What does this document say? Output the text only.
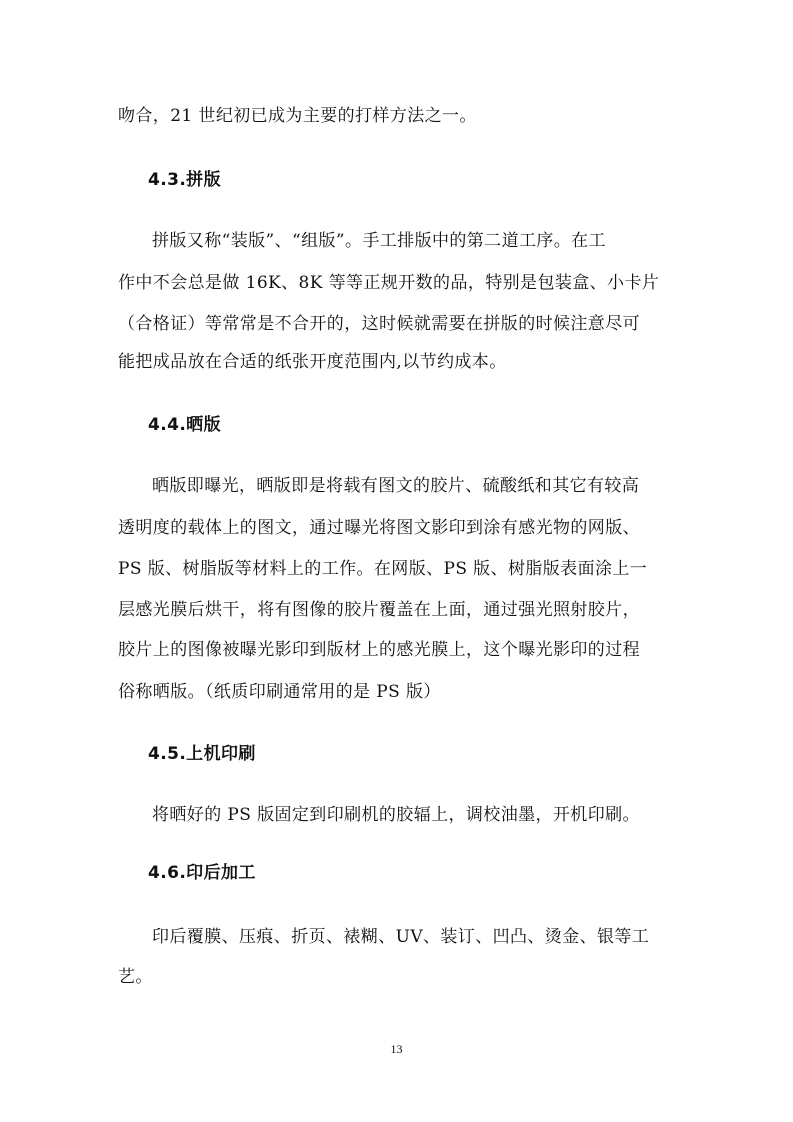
吻合，21 世纪初已成为主要的打样方法之一。
4.3.拼版
拼版又称“装版”、“组版”。手工排版中的第二道工序。在工
作中不会总是做 16K、8K 等等正规开数的品，特别是包装盒、小卡片
（合格证）等常常是不合开的，这时候就需要在拼版的时候注意尽可
能把成品放在合适的纸张开度范围内,以节约成本。
4.4.晒版
晒版即曝光，晒版即是将载有图文的胶片、硫酸纸和其它有较高
透明度的载体上的图文，通过曝光将图文影印到涂有感光物的网版、
PS 版、树脂版等材料上的工作。在网版、PS 版、树脂版表面涂上一
层感光膜后烘干，将有图像的胶片覆盖在上面，通过强光照射胶片，
胶片上的图像被曝光影印到版材上的感光膜上，这个曝光影印的过程
俗称晒版。（纸质印刷通常用的是 PS 版）
4.5.上机印刷
将晒好的 PS 版固定到印刷机的胶辐上，调校油墨，开机印刷。
4.6.印后加工
印后覆膜、压痕、折页、裱糊、UV、装订、凹凸、烫金、银等工
艺。
13
